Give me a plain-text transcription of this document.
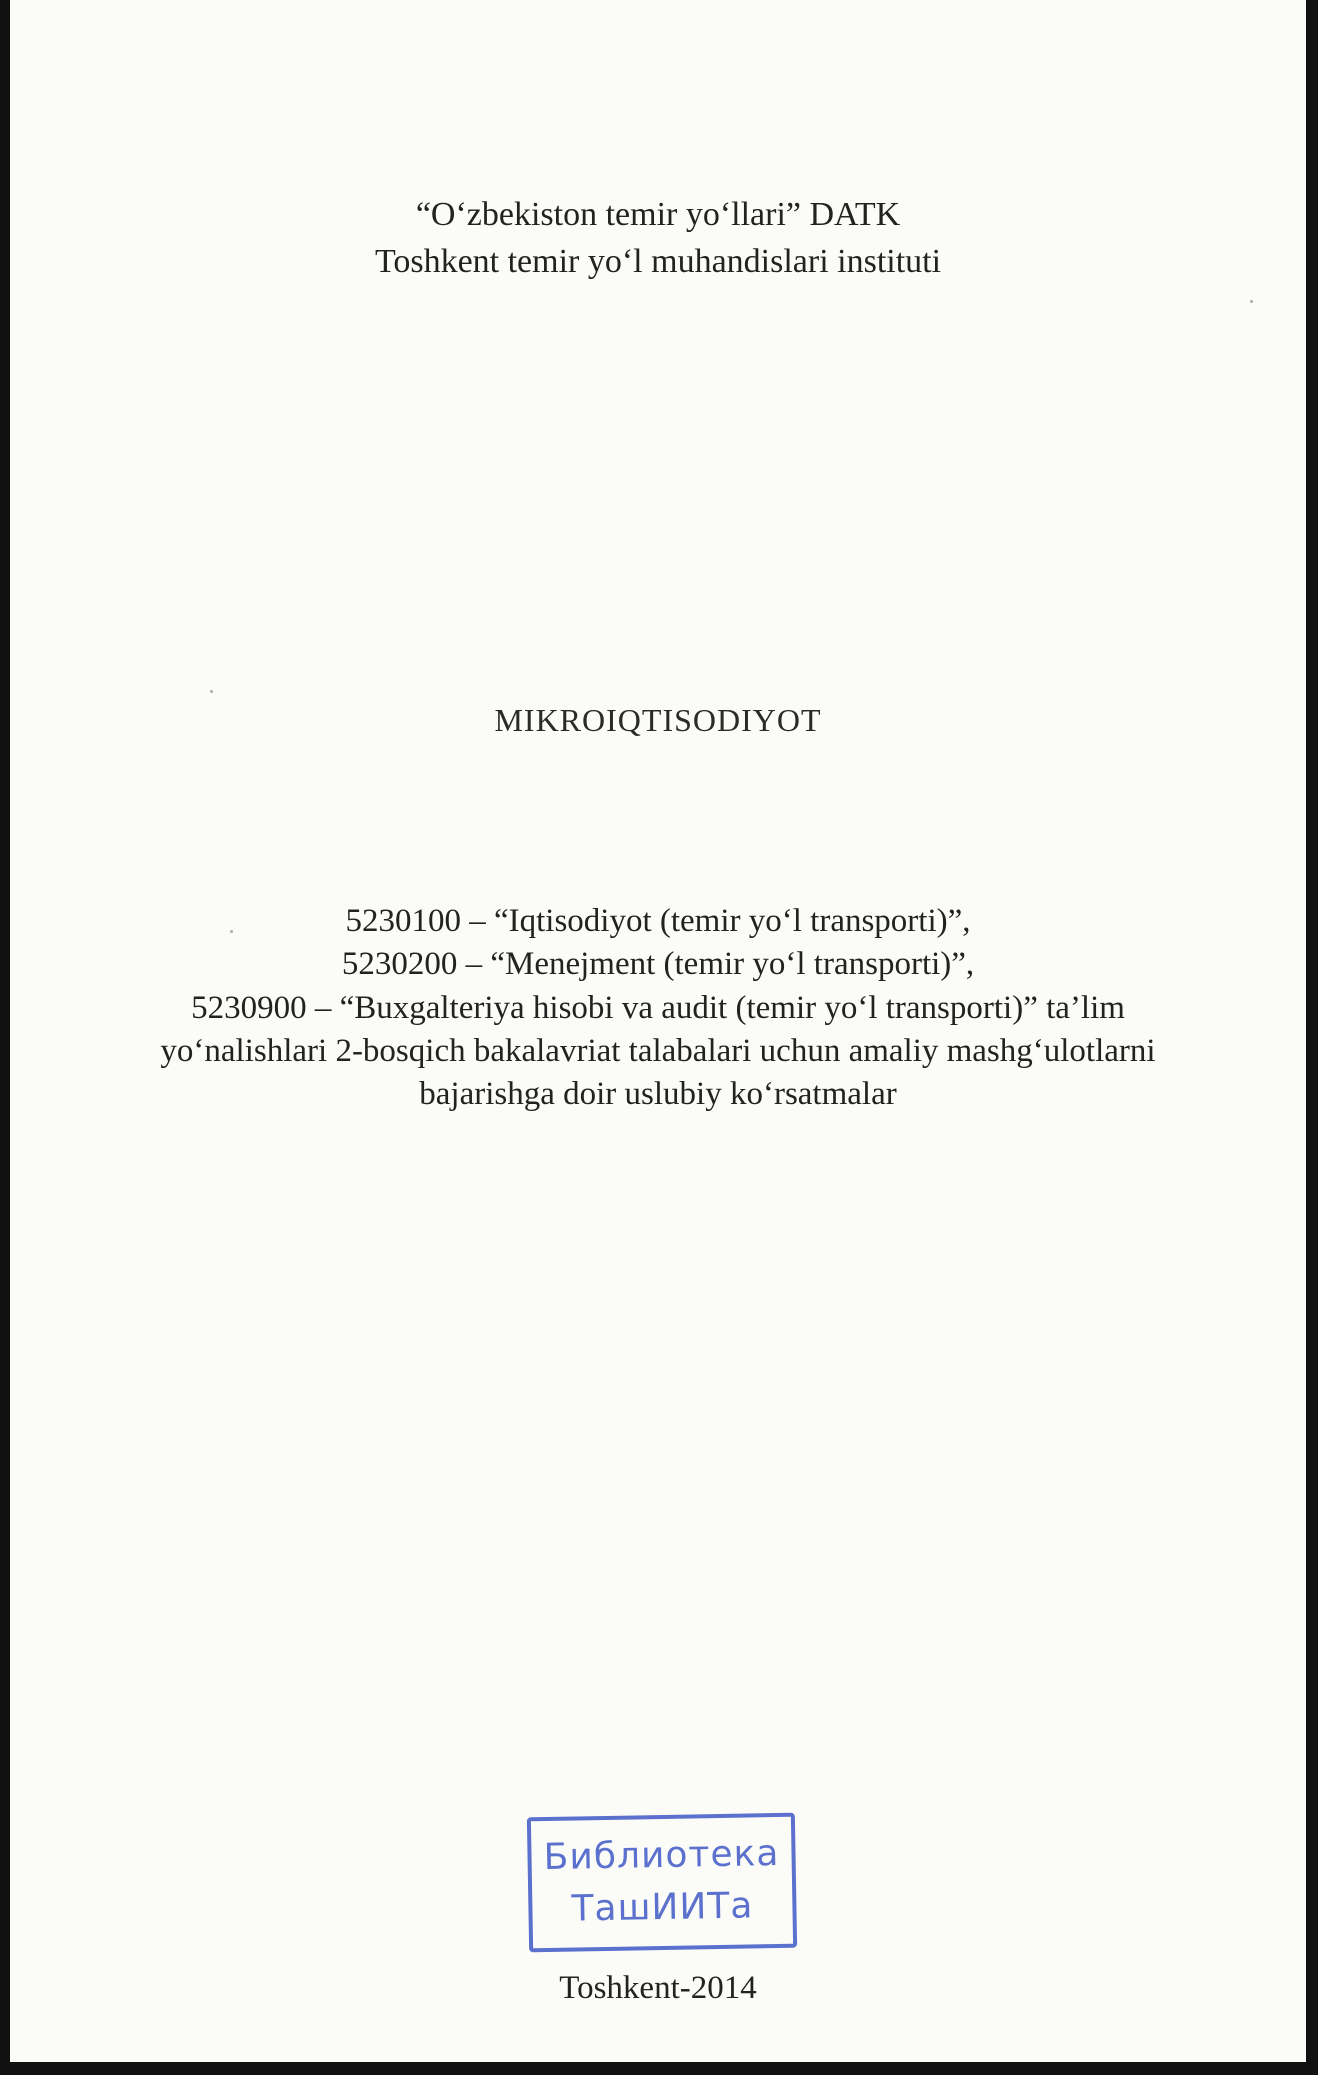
“O‘zbekiston temir yo‘llari” DATK
Toshkent temir yo‘l muhandislari instituti
MIKROIQTISODIYOT
5230100 – “Iqtisodiyot (temir yo‘l transporti)”,
5230200 – “Menejment (temir yo‘l transporti)”,
5230900 – “Buxgalteriya hisobi va audit (temir yo‘l transporti)” ta’lim
yo‘nalishlari 2-bosqich bakalavriat talabalari uchun amaliy mashg‘ulotlarni
bajarishga doir uslubiy ko‘rsatmalar
Библиотека
ТашИИТа
Toshkent-2014
